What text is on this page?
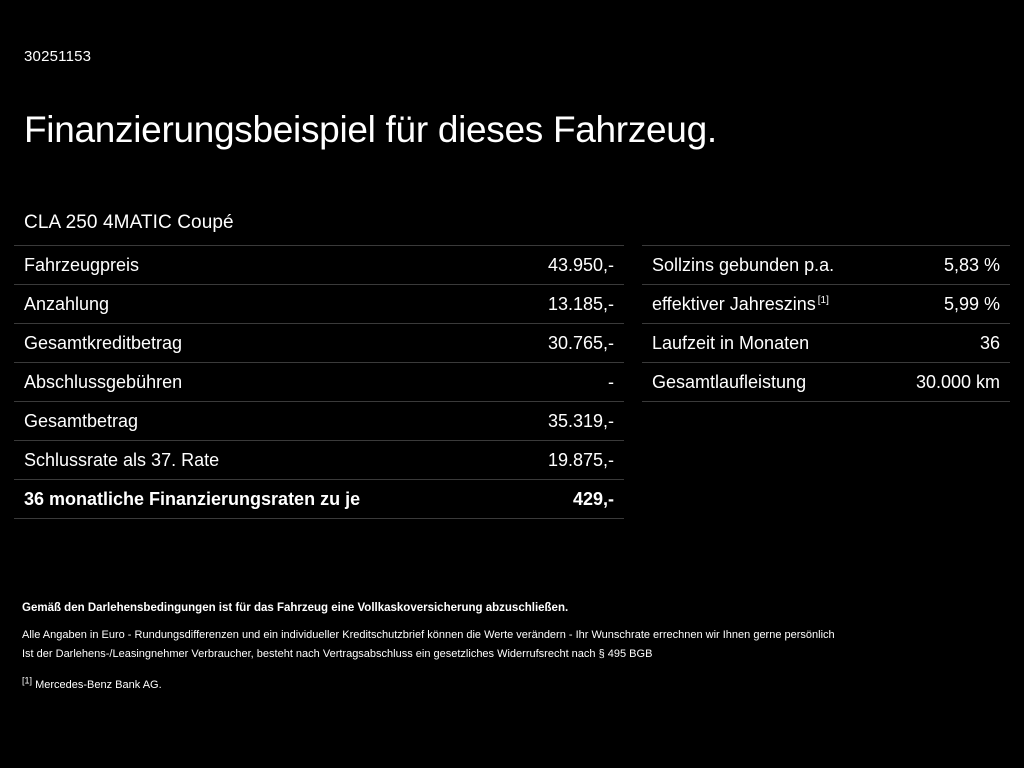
30251153
Finanzierungsbeispiel für dieses Fahrzeug.
CLA 250 4MATIC Coupé
Fahrzeugpreis	43.950,-
Anzahlung	13.185,-
Gesamtkreditbetrag	30.765,-
Abschlussgebühren	-
Gesamtbetrag	35.319,-
Schlussrate als 37. Rate	19.875,-
36 monatliche Finanzierungsraten zu je	429,-
Sollzins gebunden p.a.	5,83 %
effektiver Jahreszins [1]	5,99 %
Laufzeit in Monaten	36
Gesamtlaufleistung	30.000 km
Gemäß den Darlehensbedingungen ist für das Fahrzeug eine Vollkaskoversicherung abzuschließen.
Alle Angaben in Euro - Rundungsdifferenzen und ein individueller Kreditschutzbrief können die Werte verändern - Ihr Wunschrate errechnen wir Ihnen gerne persönlich
Ist der Darlehens-/Leasingnehmer Verbraucher, besteht nach Vertragsabschluss ein gesetzliches Widerrufsrecht nach § 495 BGB
[1] Mercedes-Benz Bank AG.
